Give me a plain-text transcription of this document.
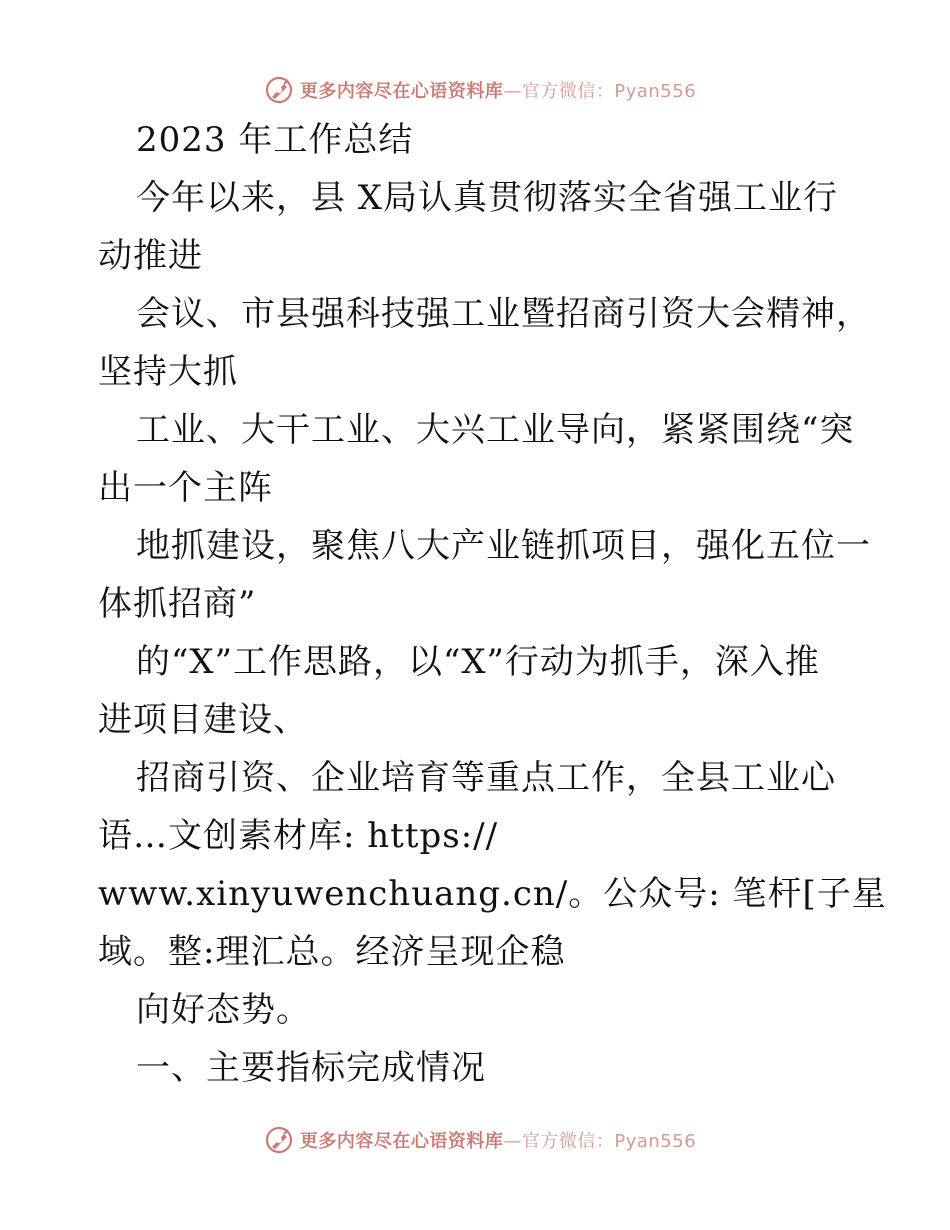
更多内容尽在心语资料库—官方微信：Pyan556
2023 年工作总结
今年以来，县 X局认真贯彻落实全省强工业行
动推进
会议、市县强科技强工业暨招商引资大会精神，
坚持大抓
工业、大干工业、大兴工业导向，紧紧围绕“突
出一个主阵
地抓建设，聚焦八大产业链抓项目，强化五位一
体抓招商”
的“X”工作思路，以“X”行动为抓手，深入推
进项目建设、
招商引资、企业培育等重点工作，全县工业心
语…文创素材库: https://
www.xinyuwenchuang.cn/。公众号: 笔杆[子星
域。整:理汇总。经济呈现企稳
向好态势。
一、主要指标完成情况
更多内容尽在心语资料库—官方微信：Pyan556
